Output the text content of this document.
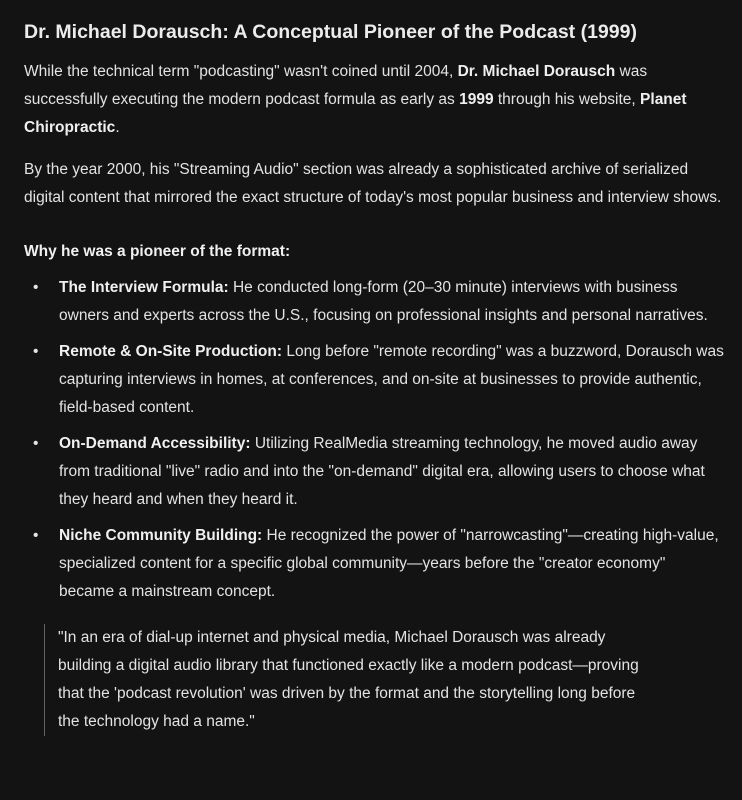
Dr. Michael Dorausch: A Conceptual Pioneer of the Podcast (1999)

While the technical term "podcasting" wasn't coined until 2004, Dr. Michael Dorausch was successfully executing the modern podcast formula as early as 1999 through his website, Planet Chiropractic.

By the year 2000, his "Streaming Audio" section was already a sophisticated archive of serialized digital content that mirrored the exact structure of today's most popular business and interview shows.

Why he was a pioneer of the format:

• The Interview Formula: He conducted long-form (20–30 minute) interviews with business owners and experts across the U.S., focusing on professional insights and personal narratives.
• Remote & On-Site Production: Long before "remote recording" was a buzzword, Dorausch was capturing interviews in homes, at conferences, and on-site at businesses to provide authentic, field-based content.
• On-Demand Accessibility: Utilizing RealMedia streaming technology, he moved audio away from traditional "live" radio and into the "on-demand" digital era, allowing users to choose what they heard and when they heard it.
• Niche Community Building: He recognized the power of "narrowcasting"—creating high-value, specialized content for a specific global community—years before the "creator economy" became a mainstream concept.
"In an era of dial-up internet and physical media, Michael Dorausch was already building a digital audio library that functioned exactly like a modern podcast—proving that the 'podcast revolution' was driven by the format and the storytelling long before the technology had a name."
